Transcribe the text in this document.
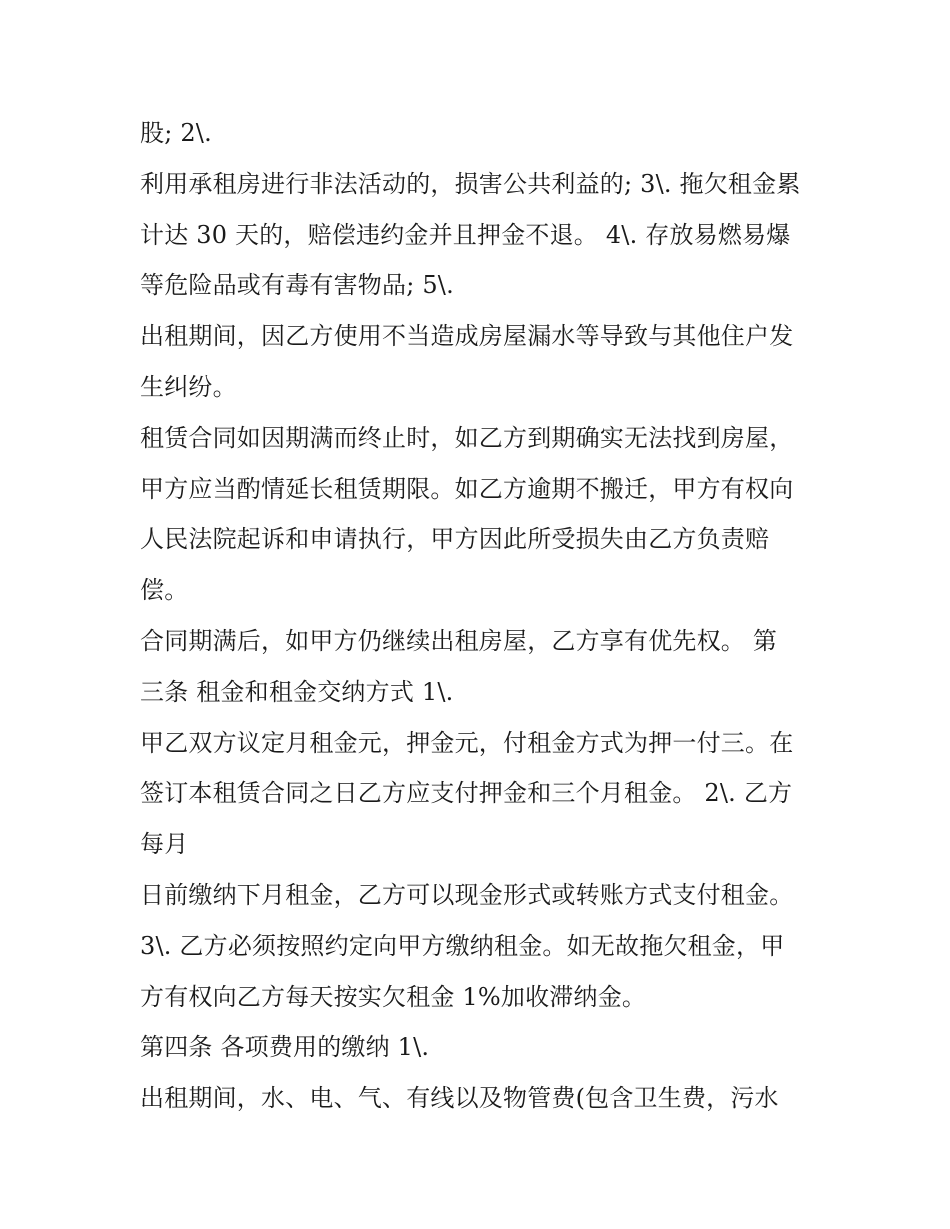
股; 2\.
利用承租房进行非法活动的，损害公共利益的; 3\. 拖欠租金累
计达 30 天的，赔偿违约金并且押金不退。 4\. 存放易燃易爆
等危险品或有毒有害物品; 5\.
出租期间，因乙方使用不当造成房屋漏水等导致与其他住户发
生纠纷。
租赁合同如因期满而终止时，如乙方到期确实无法找到房屋，
甲方应当酌情延长租赁期限。如乙方逾期不搬迁，甲方有权向
人民法院起诉和申请执行，甲方因此所受损失由乙方负责赔
偿。
合同期满后，如甲方仍继续出租房屋，乙方享有优先权。 第
三条 租金和租金交纳方式 1\.
甲乙双方议定月租金元，押金元，付租金方式为押一付三。在
签订本租赁合同之日乙方应支付押金和三个月租金。 2\. 乙方
每月
日前缴纳下月租金，乙方可以现金形式或转账方式支付租金。
3\. 乙方必须按照约定向甲方缴纳租金。如无故拖欠租金，甲
方有权向乙方每天按实欠租金 1%加收滞纳金。
第四条 各项费用的缴纳 1\.
出租期间，水、电、气、有线以及物管费(包含卫生费，污水
